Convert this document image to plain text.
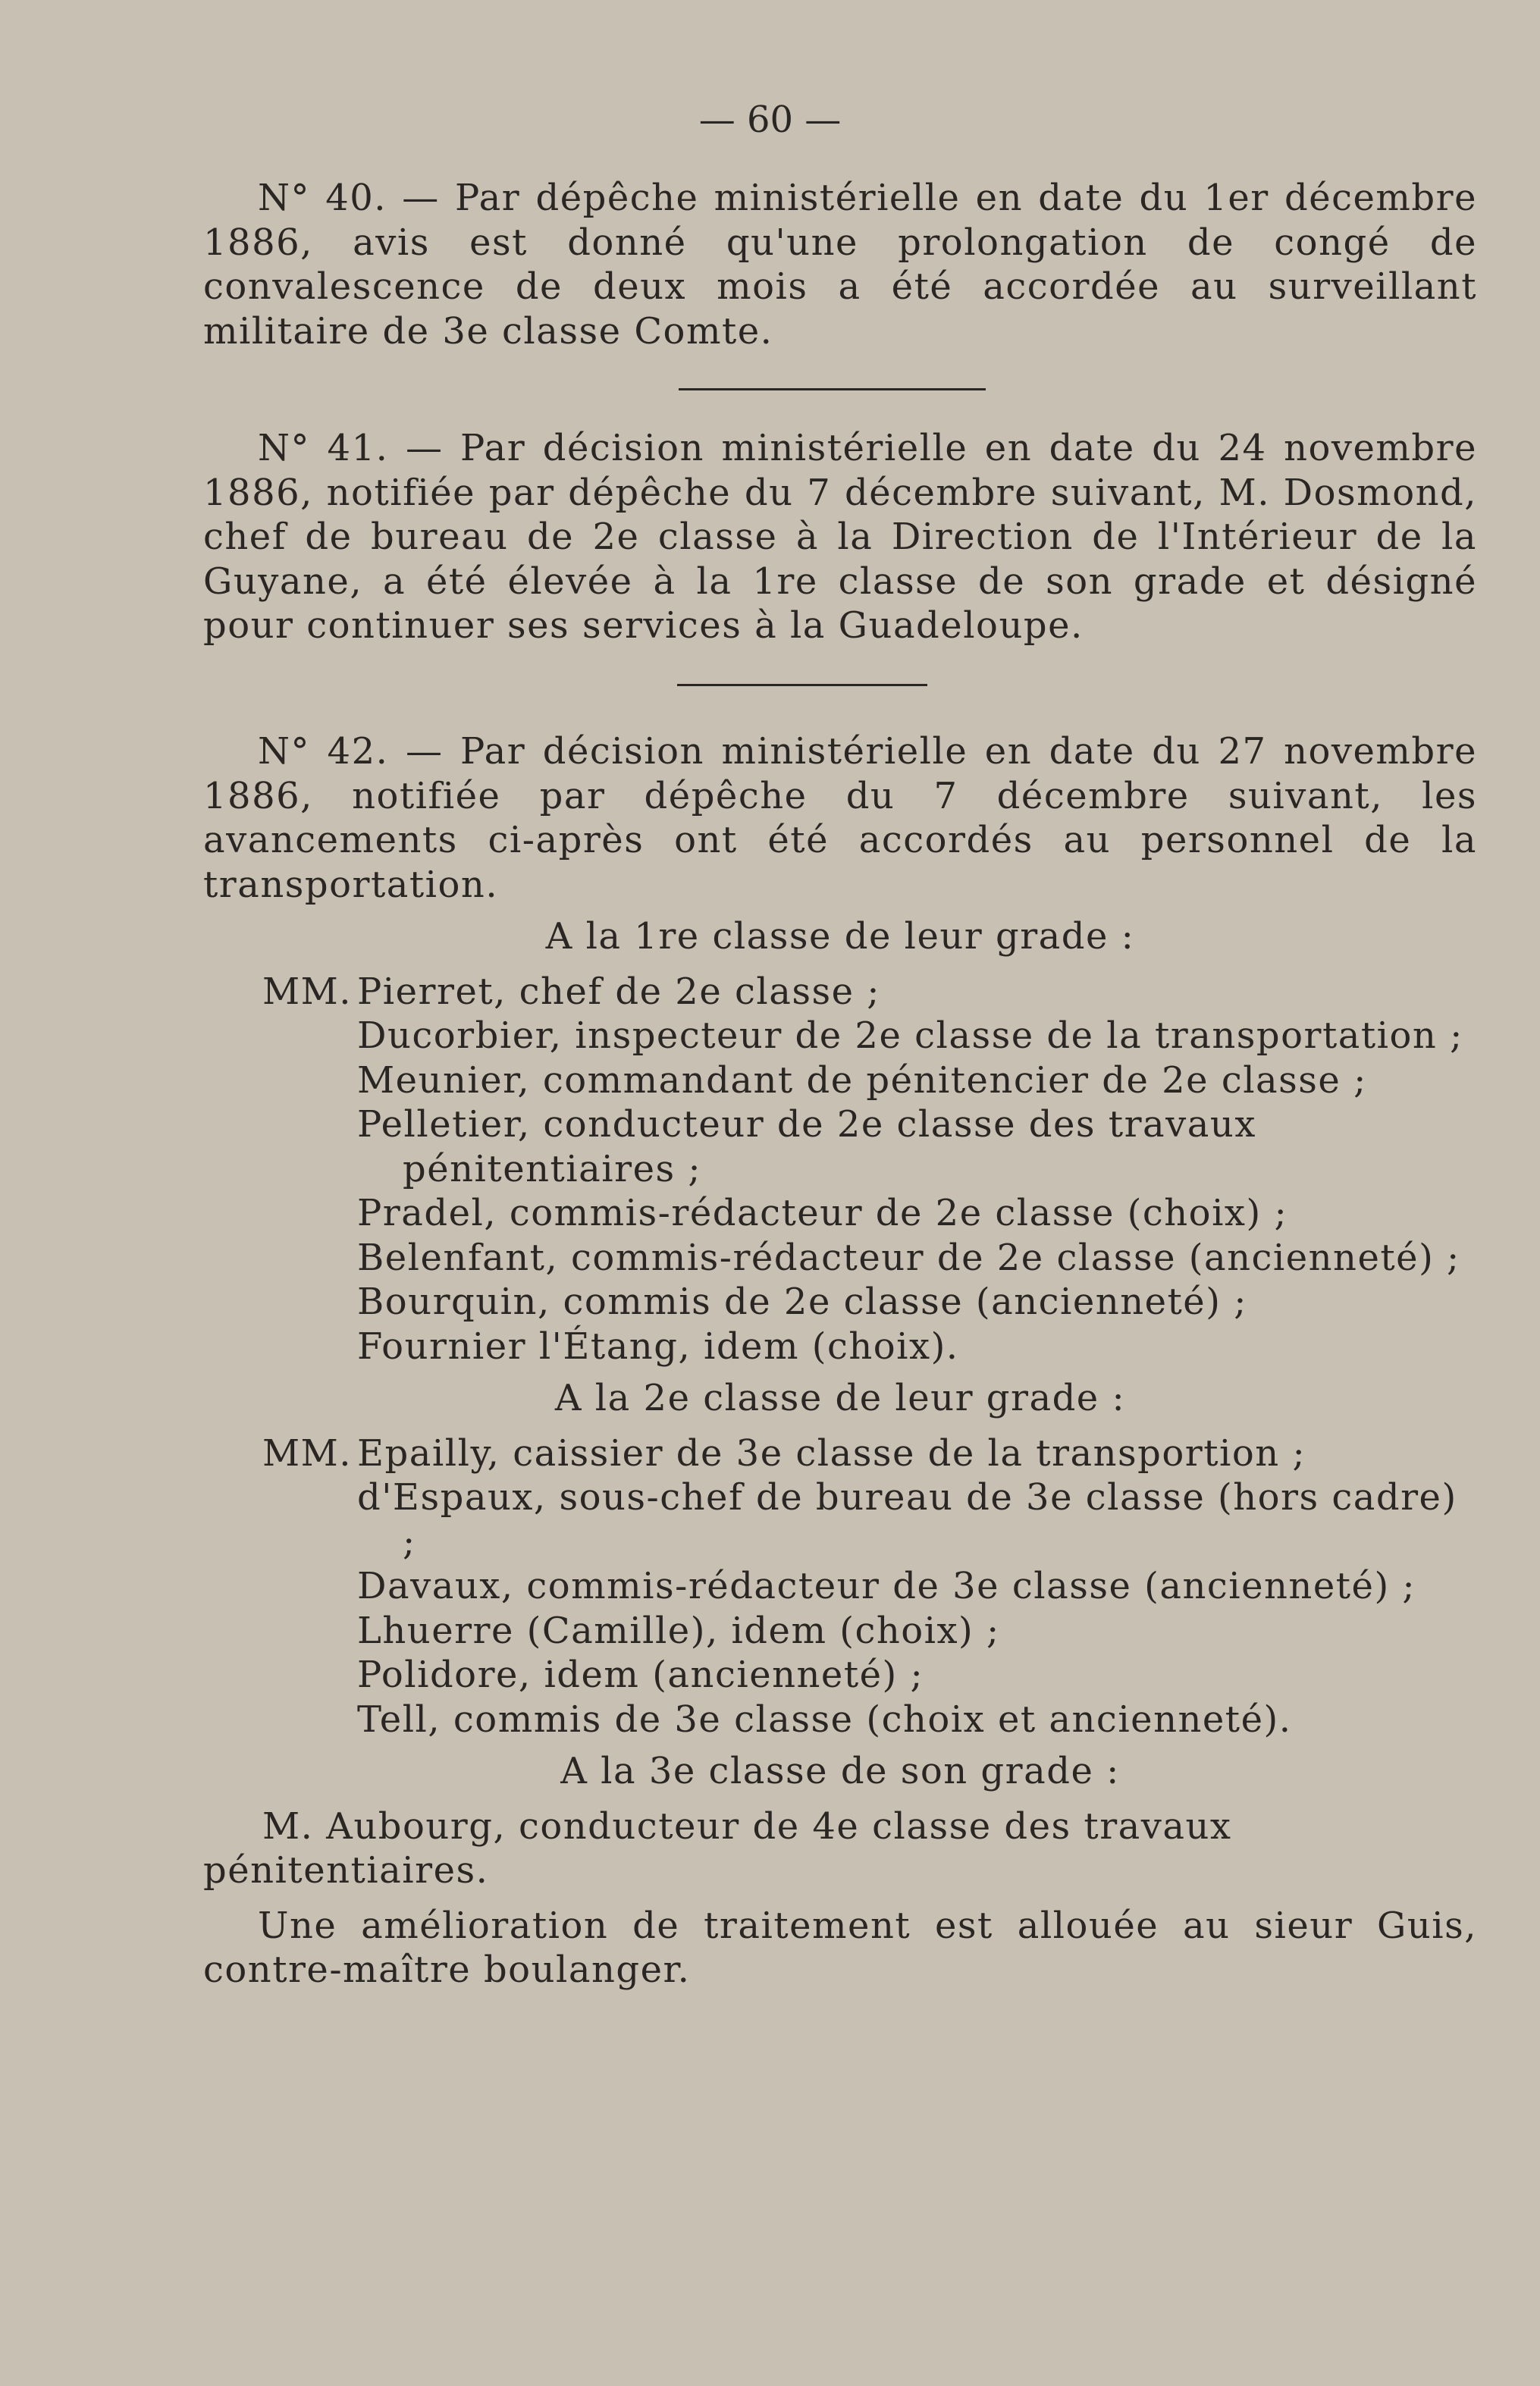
— 60 —

N° 40. — Par dépêche ministérielle en date du 1er décembre 1886, avis est donné qu'une prolongation de congé de convalescence de deux mois a été accordée au surveillant militaire de 3e classe Comte.

N° 41. — Par décision ministérielle en date du 24 novembre 1886, notifiée par dépêche du 7 décembre suivant, M. Dosmond, chef de bureau de 2e classe à la Direction de l'Intérieur de la Guyane, a été élevée à la 1re classe de son grade et désigné pour continuer ses services à la Guadeloupe.

N° 42. — Par décision ministérielle en date du 27 novembre 1886, notifiée par dépêche du 7 décembre suivant, les avancements ci-après ont été accordés au personnel de la transportation.

A la 1re classe de leur grade :
MM. Pierret, chef de 2e classe ;

Ducorbier, inspecteur de 2e classe de la transportation ;

Meunier, commandant de pénitencier de 2e classe ;

Pelletier, conducteur de 2e classe des travaux pénitentiaires ;

Pradel, commis-rédacteur de 2e classe (choix) ;

Belenfant, commis-rédacteur de 2e classe (ancienneté) ;

Bourquin, commis de 2e classe (ancienneté) ;

Fournier l'Étang, idem (choix).

A la 2e classe de leur grade :
MM. Epailly, caissier de 3e classe de la transportion ;

d'Espaux, sous-chef de bureau de 3e classe (hors cadre) ;

Davaux, commis-rédacteur de 3e classe (ancienneté) ;

Lhuerre (Camille), idem (choix) ;

Polidore, idem (ancienneté) ;

Tell, commis de 3e classe (choix et ancienneté).

A la 3e classe de son grade :

M. Aubourg, conducteur de 4e classe des travaux pénitentiaires.

Une amélioration de traitement est allouée au sieur Guis, contre-maître boulanger.
